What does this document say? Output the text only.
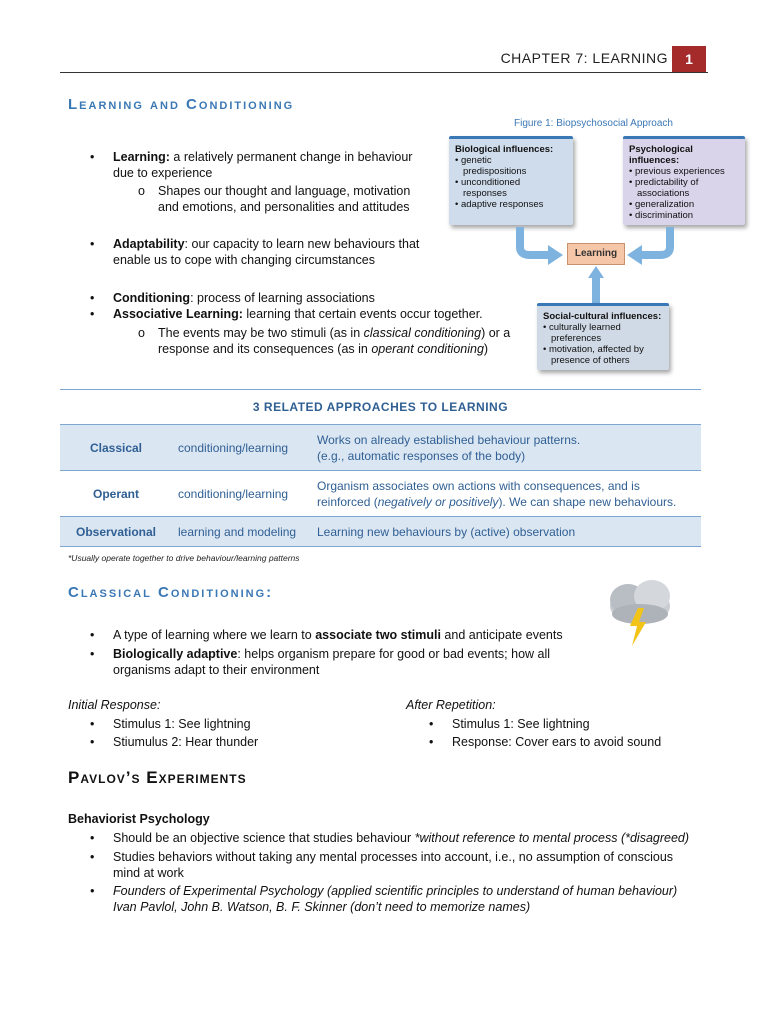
CHAPTER 7: LEARNING	1
Learning and Conditioning
• Learning: a relatively permanent change in behaviour due to experience
o Shapes our thought and language, motivation and emotions, and personalities and attitudes
• Adaptability: our capacity to learn new behaviours that enable us to cope with changing circumstances
• Conditioning: process of learning associations
• Associative Learning: learning that certain events occur together.
o The events may be two stimuli (as in classical conditioning) or a response and its consequences (as in operant conditioning)
Figure 1: Biopsychosocial Approach
Biological influences:
• genetic
predispositions
• unconditioned
responses
• adaptive responses
Psychological influences:
• previous experiences
• predictability of
associations
• generalization
• discrimination
Learning
Social-cultural influences:
• culturally learned
preferences
• motivation, affected by
presence of others
3 RELATED APPROACHES TO LEARNING
Classical	conditioning/learning	Works on already established behaviour patterns.
(e.g., automatic responses of the body)

Operant	conditioning/learning	Organism associates own actions with consequences, and is
reinforced (negatively or positively). We can shape new behaviours.

Observational	learning and modeling	Learning new behaviours by (active) observation
*Usually operate together to drive behaviour/learning patterns
Classical Conditioning:
• A type of learning where we learn to associate two stimuli and anticipate events
• Biologically adaptive: helps organism prepare for good or bad events; how all organisms adapt to their environment
Initial Response:
• Stimulus 1: See lightning
• Stiumulus 2: Hear thunder
After Repetition:
• Stimulus 1: See lightning
• Response: Cover ears to avoid sound
Pavlov’s Experiments
Behaviorist Psychology
• Should be an objective science that studies behaviour *without reference to mental process (*disagreed)
• Studies behaviors without taking any mental processes into account, i.e., no assumption of conscious mind at work
• Founders of Experimental Psychology (applied scientific principles to understand of human behaviour)
Ivan Pavlol, John B. Watson, B. F. Skinner (don’t need to memorize names)
